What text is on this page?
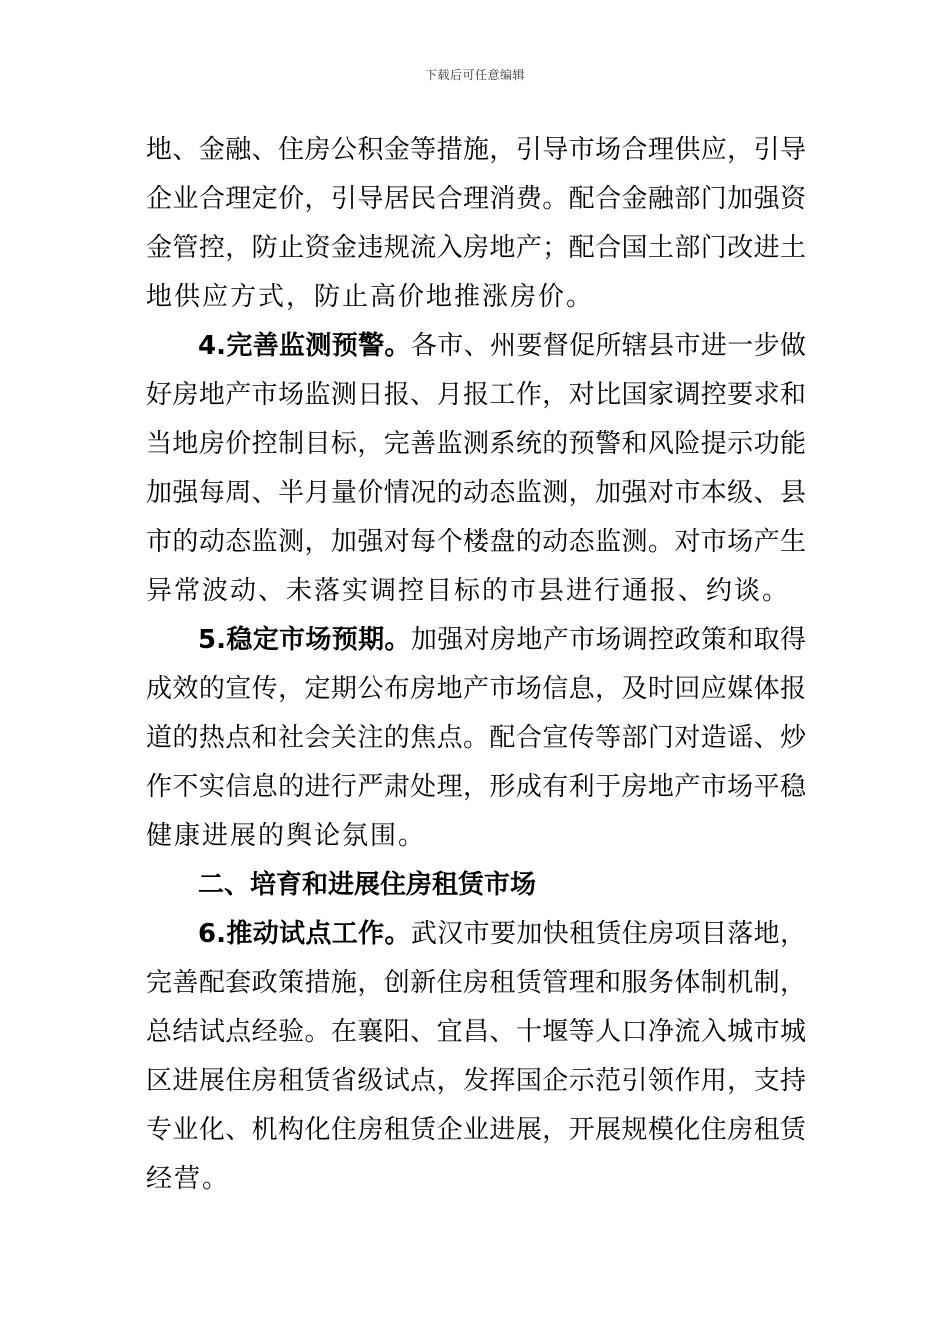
下载后可任意编辑
地、金融、住房公积金等措施，引导市场合理供应，引导
企业合理定价，引导居民合理消费。配合金融部门加强资
金管控，防止资金违规流入房地产；配合国土部门改进土
地供应方式，防止高价地推涨房价。
4.完善监测预警。各市、州要督促所辖县市进一步做
好房地产市场监测日报、月报工作，对比国家调控要求和
当地房价控制目标，完善监测系统的预警和风险提示功能
加强每周、半月量价情况的动态监测，加强对市本级、县
市的动态监测，加强对每个楼盘的动态监测。对市场产生
异常波动、未落实调控目标的市县进行通报、约谈。
5.稳定市场预期。加强对房地产市场调控政策和取得
成效的宣传，定期公布房地产市场信息，及时回应媒体报
道的热点和社会关注的焦点。配合宣传等部门对造谣、炒
作不实信息的进行严肃处理，形成有利于房地产市场平稳
健康进展的舆论氛围。
二、培育和进展住房租赁市场
6.推动试点工作。武汉市要加快租赁住房项目落地，
完善配套政策措施，创新住房租赁管理和服务体制机制，
总结试点经验。在襄阳、宜昌、十堰等人口净流入城市城
区进展住房租赁省级试点，发挥国企示范引领作用，支持
专业化、机构化住房租赁企业进展，开展规模化住房租赁
经营。
